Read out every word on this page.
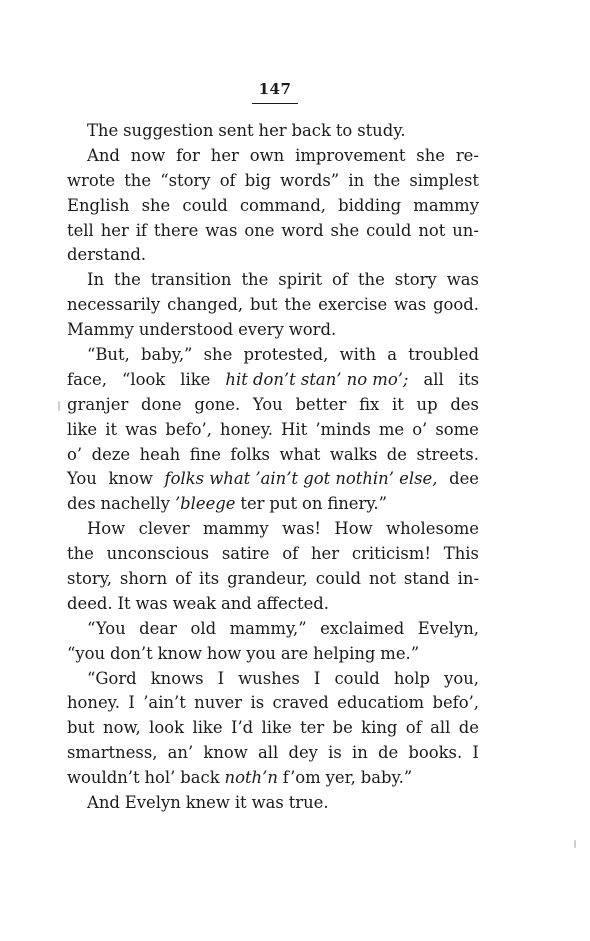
147
The suggestion sent her back to study.
And now for her own improvement she re-
wrote the “story of big words” in the simplest
English she could command, bidding mammy
tell her if there was one word she could not un-
derstand.
In the transition the spirit of the story was
necessarily changed, but the exercise was good.
Mammy understood every word.
“But, baby,” she protested, with a troubled
face, “look like hit don’t stan’ no mo’; all its
granjer done gone. You better fix it up des
like it was befo’, honey. Hit ’minds me o’ some
o’ deze heah fine folks what walks de streets.
You know folks what ’ain’t got nothin’ else, dee
des nachelly ’bleege ter put on finery.”
How clever mammy was! How wholesome
the unconscious satire of her criticism! This
story, shorn of its grandeur, could not stand in-
deed. It was weak and affected.
“You dear old mammy,” exclaimed Evelyn,
“you don’t know how you are helping me.”
“Gord knows I wushes I could holp you,
honey. I ’ain’t nuver is craved educatiom befo’,
but now, look like I’d like ter be king of all de
smartness, an’ know all dey is in de books. I
wouldn’t hol’ back noth’n f’om yer, baby.”
And Evelyn knew it was true.
